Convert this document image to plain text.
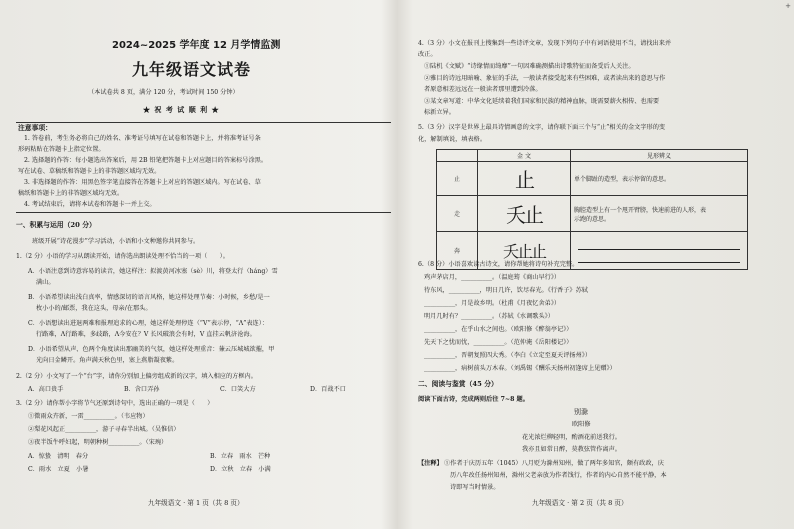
+
2024~2025 学年度 12 月学情监测
九年级语文试卷
（本试卷共 8 页，满分 120 分，考试时间 150 分钟）
★ 祝 考 试 顺 利 ★
注意事项：
1. 答卷前，考生务必将自己的姓名、准考证号填写在试卷和答题卡上，并将准考证号条
形码粘贴在答题卡上指定位置。
2. 选择题的作答：每小题选出答案后，用 2B 铅笔把答题卡上对应题目的答案标号涂黑。
写在试卷、草稿纸和答题卡上的非答题区域均无效。
3. 非选择题的作答：用黑色签字笔直接答在答题卡上对应的答题区域内。写在试卷、草
稿纸和答题卡上的非答题区域均无效。
4. 考试结束后，请将本试卷和答题卡一并上交。
一、积累与运用（20 分）
班级开展“诗花漫步”学习活动，小语和小文种邀你共同参与。
1.（2 分）小语的学习从朗读开始，请你选出朗读处理不恰当的一项（　　）。
A．小语注意到诗意容易的读音，她这样注：拟渡黄河冰塞（sè）川，将登太行（háng）雪
满山。
B．小语希望读出浅白真率，情感深切的语言风格，她这样处理节奏：小时候，乡愁/是一
枚小小的/邮票，我在这头，母亲/在那头。
C．小语想读出进退两难和报理追求的心理，她这样处理停连（“V”表示停，“Λ”表连）：
行路难，Λ行路难，多歧路，Λ今安在？V 长风破浪会有时，V 直挂云帆济沧海。
D．小语希望从声、色两个角度读出那幽美的气氛，她这样处理重音：蒹云压城城欲摧，甲
光向日金鳞开。角声满天秋色里，塞上燕脂凝夜紫。
2.（2 分）小文写了一个“台”字，请你分别加上偏旁组成新的汉字，填入相应的方框内。
A．高口贵手	B．含口弄孙	C．口笑大方	D．百战不口
3.（2 分）请你帮小字将节气还原到诗句中，选出正确的一项是（　　）
①微雨众卉新，一雷__________。（韦应物）
②梨花风起正__________，游子寻春半出城。（吴惟信）
③夜半饭牛呼妇起，明朝种树__________。（宋琬）
A．惊蛰　清明　春分	B．立春　雨水　芒种
C．雨水　立夏　小暑	D．立秋　立春　小满
九年级语文 · 第 1 页（共 8 页）
4.（3 分）小文在报刊上搜集到一些诗评文章，发现下列句子中有词语使用不当，请找出来并
改正。
①陆机《文赋》“诗缘情而绮靡”一句因难确测描出诗歌特征而备受后人关注。
②雅目的诗远用暗喻、象征的手法，一般读者接受起来有些困难，或者读出来的意思与作
者原意相差远远在一般读者那里遭到冷落。
③某文章写道：中华文化延续着我们国家和民族的精神血脉，既需要薪火相传、也需要
标新立异。
5.（3 分）汉字是世界上最具诗情画意的文字，请你联下面三个与“止”相关的金文字形的变
化，解制填说，填表格。
	金 文	见形辨义
止	止	单个脚趾的造型，表示停留的意思。
走	夭止	胸腔造型上有一个甩开臂膀，快速前进的人形，表
示跑的意思。

奔	夭止止	
6.（8 分）小语喜欢读古诗文，请你帮她将诗句补充完整。
鸡声茅店月，__________。（温庭筠《商山早行》）
待东风，__________，明日几许，饮尽春光。《行香子》苏轼
__________，月是故乡明。（杜甫《月夜忆舍弟》）
明月几时有？__________。（苏轼《水调歌头》）
__________，在乎山水之间也。（欧阳修《醉翁亭记》）
先天下之忧而忧，__________。（范仲淹《岳阳楼记》）
__________，晋朝复照四大秀。（李白《立定至夏天评扬州》）
__________，病树前头万木春。（刘禹锡《酬乐天扬州初逢席上见赠》）
二、阅读与鉴赏（45 分）
阅读下面古诗，完成两则后往 7~8 题。
别滁
欧阳修
花光浓烂柳轻明，酌酒花前送我行。
我亦且如常日醉，莫教弦管作离声。
【注释】 ①作者于庆历五年（1045）八月贬为滁州知州，做了两年多知官，颇有政政，庆
历八年改任扬州知州，滁州父老亲放为作者饯行，作者的内心自然不能平静，本
诗即写当时情景。
九年级语文 · 第 2 页（共 8 页）
